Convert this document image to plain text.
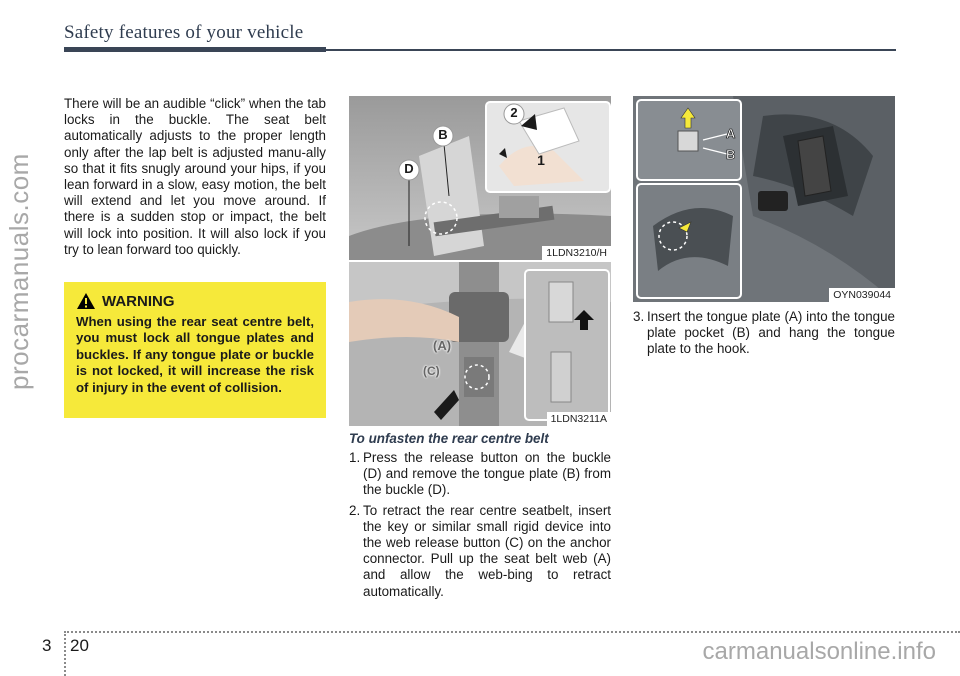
Safety features of your vehicle
procarmanuals.com
There will be an audible “click” when the tab locks in the buckle. The seat belt automatically adjusts to the proper length only after the lap belt is adjusted manu-ally so that it fits snugly around your hips, if you lean forward in a slow, easy motion, the belt will extend and let you move around. If there is a sudden stop or impact, the belt will lock into position. It will also lock if you try to lean forward too quickly.
WARNING
When using the rear seat centre belt, you must lock all tongue plates and buckles. If any tongue plate or buckle is not locked, it will increase the risk of injury in the event of collision.
B
D
2
1
1LDN3210/H
(A)
(C)
1LDN3211A
A
B
OYN039044
To unfasten the rear centre belt
1. Press the release button on the buckle (D) and remove the tongue plate (B) from the buckle (D).
2. To retract the rear centre seatbelt, insert the key or similar small rigid device into the web release button (C) on the anchor connector. Pull up the seat belt web (A) and allow the web-bing to retract automatically.
3. Insert the tongue plate (A) into the tongue plate pocket (B) and hang the tongue plate to the hook.
3 20	carmanualsonline.info
